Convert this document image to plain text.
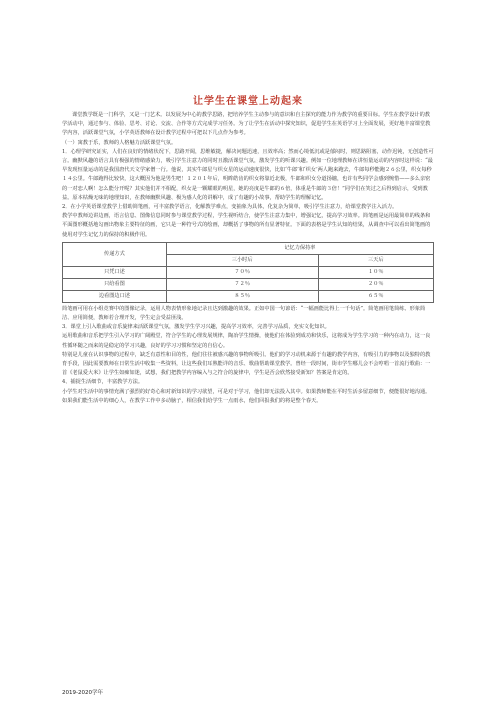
让学生在课堂上动起来

课堂教学既是一门科学，又是一门艺术。以发展为中心的教学思路，把培养学生主动参与的意识和自主探究的能力作为教学的重要目标。学生在教学设计的教学活动中，通过参与、体验、思考、讨论、交流、合作等方式完成学习任务。为了让学生在活动中探究知识，促进学生在英语学习上全面发展，更好地丰富课堂教学内容，活跃课堂气氛，小学英语教师在设计教学过程中可把以下几点作为参考。

（一）寓教于乐，教师的人格魅力活跃课堂气氛。

1．心理学研究证实，人们在良好的情绪状况下，思路开阔，思维敏捷，解决问题迅速，且效率高；然而心境低沉或是郁闷时，则思路阻塞，动作迟钝，无创造性可言。幽默风趣的语言具有极强的情绪感染力，吸引学生注意力的同时且激活课堂气氛，激发学生的听课兴趣。例如一位地理教师在讲恒量运动的内容时这样说：“最早发现恒量运动的是我国唐代天文学家僧一行。他说，其实牛郎星与织女星的运动速度很快，比如‘牛郎’和‘织女’两人跑来跑去，牛郎每秒能跑２６公里，织女每秒１４公里。牛郎跑得比较快，这大概因为他是男生吧！１２０１年后，明眸皓齿的织女将靠近北极，牛郎和织女分道扬镳，也许有些同学会感到惋惜——多么亲密的一对恋人啊！怎么能分开呢？其实他们并不相配，织女是一颗耀眼的明星，她的亮度是牛郎的６倍，体重是牛郎的３倍！”同学们在笑过之后得到启示，受到教益。原本枯燥无味的地理知识，在教师幽默风趣、极为感人化的讲解中，成了有趣的小故事，帮助学生的理解记忆。

2．在小学英语课堂教学上借助简笔画，可丰富教学语言，化解教学难点，变抽象为具体，化复杂为简单，吸引学生注意力，给课堂教学注入活力。

教学中教师边讲边画，语言信息、图像信息同时参与课堂教学过程，学生视听结合，使学生注意力集中，增强记忆，提高学习效率。简笔画是运用最简单的线条和平面图形概括地勾画出物象主要特征的画，它只是一种符号式的绘画，却概括了事物的所有显著特征。下面的表格是学生认知的结果，从调查中可以看出简笔画的使用对学生记忆力的保持的积极作用。

传递方式	记忆力保持率	
	三小时后	三天后
只凭口述	７０％	１０％
只给看图	７２％	２０％
边看图边口述	８５％	６５％

简笔画可用在小组竞赛中的图像记录，运用人物表情形象地记录且达到激趣的效果。正如中国一句谚语：“一幅画能比得上一千句话”。简笔画用笔简练、形象简洁、应用简便，教师若合理开发，学生定会受益匪浅。

3．课堂上引入歌曲或音乐旋律来活跃课堂气氛，激发学生学习兴趣，提高学习效率，完善学习品质，充实文化知识。

运用歌曲和音乐把学生引入学习的广阔殿堂，符合学生的心理发展规律，陶冶学生情操，使他们在体验到成功和快乐，这将成为学生学习的一种内在动力，这一良性循环随之而来的是稳定的学习兴趣，良好的学习习惯和坚定的自信心。

特别是儿童在认识事物的过程中，缺乏有意性和目的性，他们往往被感兴趣的事物所吸引。他们的学习动机来源于有趣的教学内容，有吸引力的事物以及独特的教育手段，因此需要教师在日常生活中收集一些资料，让这些我们耳熟能详的音乐、歌曲帮助课堂教学。曾经一段时间，街市学生哪儿会不会哼唱一首流行歌曲：一首《老鼠爱大米》让学生如痴如迷，试想，我们把教学内容编入与之符合的旋律中，学生是否会欣然接受新知？答案是肯定的。

4、捕捉生活细节，丰富教学方法。

小学生对生活中的事情充满了强烈的好奇心和对新知识的学习欲望，可是对于学习，他们却无法投入其中。如果教师能在平时生活多留意细节，便能很好地沟通。如果我们能生活中的细心人，在教学工作中多动脑子，相信我们给学生一点雨水，他们回报我们的将是整个春天。

2019-2020学年
